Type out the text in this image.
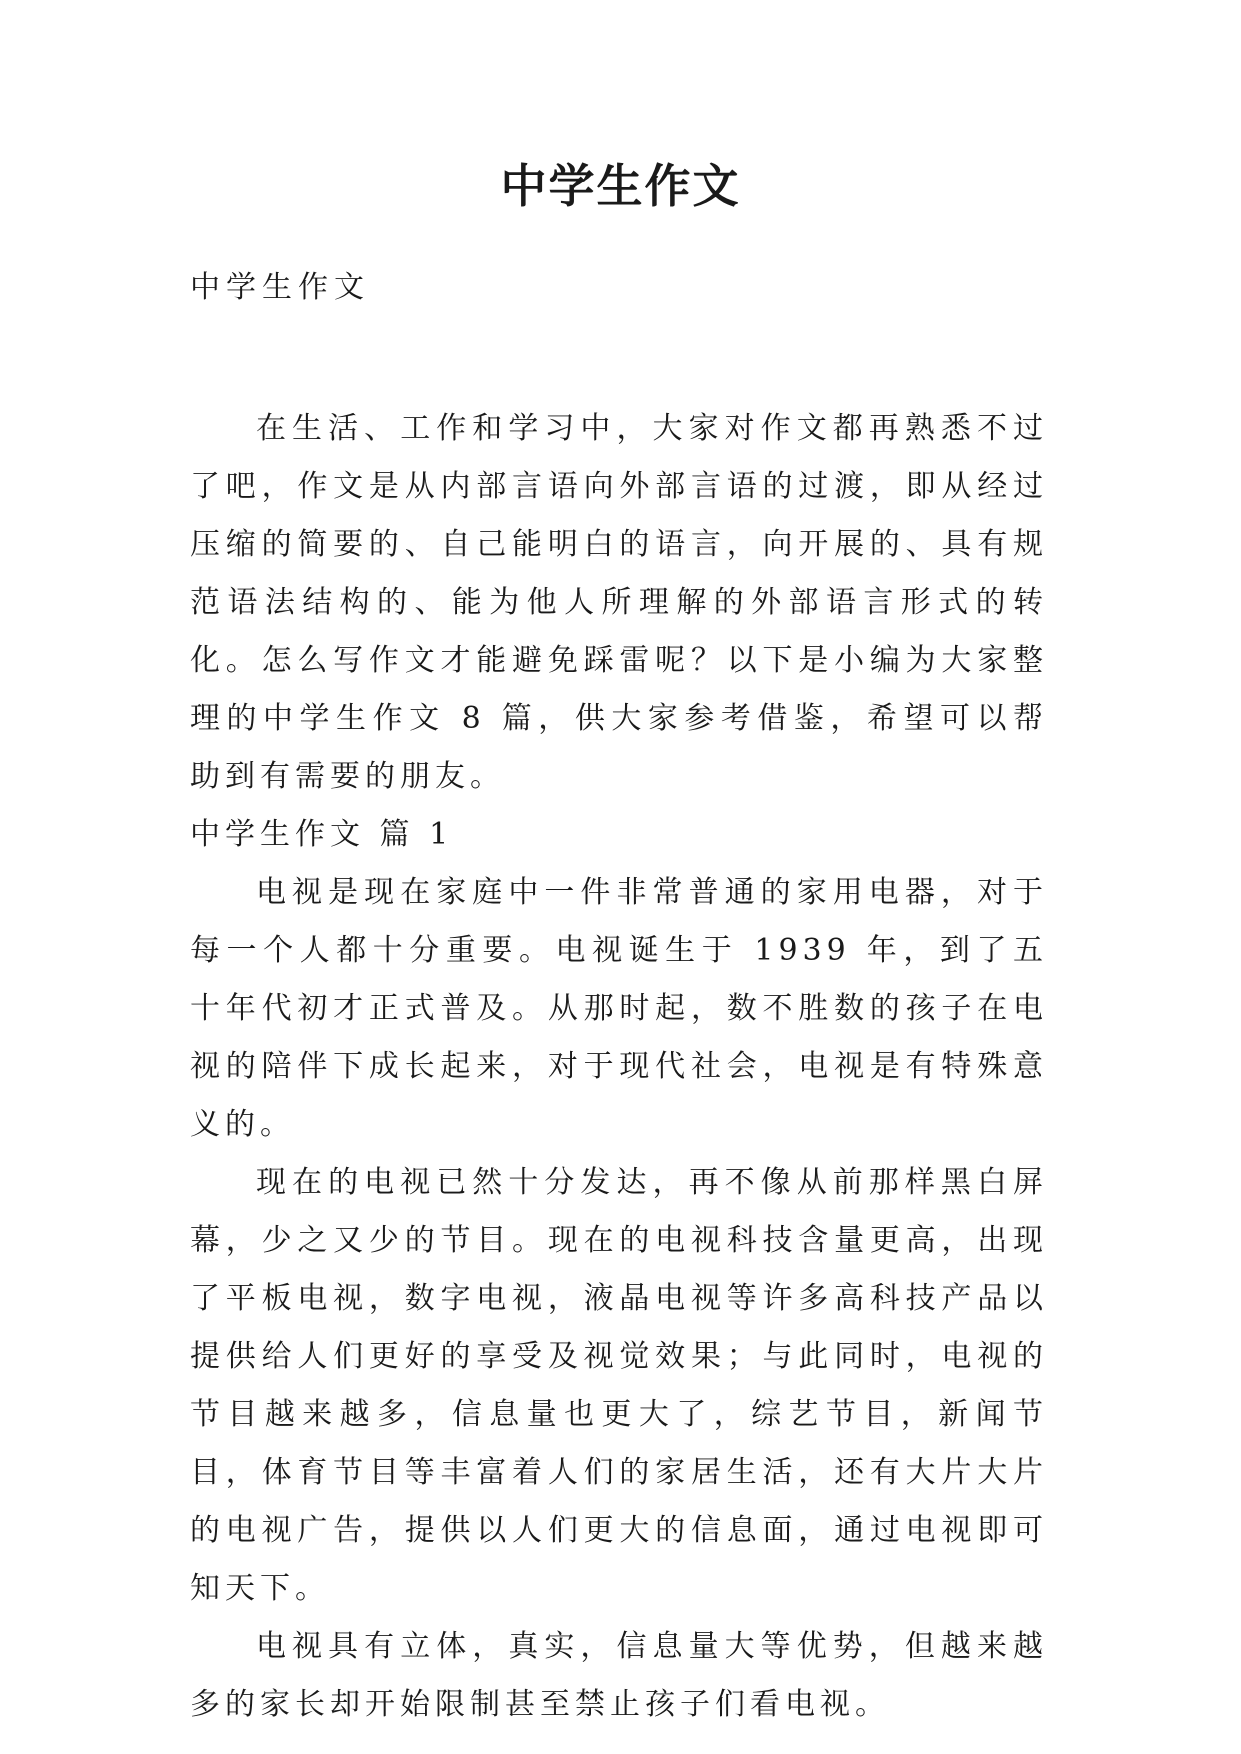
中学生作文

中学生作文

在生活、工作和学习中，大家对作文都再熟悉不过了吧，作文是从内部言语向外部言语的过渡，即从经过压缩的简要的、自己能明白的语言，向开展的、具有规范语法结构的、能为他人所理解的外部语言形式的转化。怎么写作文才能避免踩雷呢？以下是小编为大家整理的中学生作文 8 篇，供大家参考借鉴，希望可以帮助到有需要的朋友。

中学生作文 篇 1

电视是现在家庭中一件非常普通的家用电器，对于每一个人都十分重要。电视诞生于 1939 年，到了五十年代初才正式普及。从那时起，数不胜数的孩子在电视的陪伴下成长起来，对于现代社会，电视是有特殊意义的。

现在的电视已然十分发达，再不像从前那样黑白屏幕，少之又少的节目。现在的电视科技含量更高，出现了平板电视，数字电视，液晶电视等许多高科技产品以提供给人们更好的享受及视觉效果；与此同时，电视的节目越来越多，信息量也更大了，综艺节目，新闻节目，体育节目等丰富着人们的家居生活，还有大片大片的电视广告，提供以人们更大的信息面，通过电视即可知天下。

电视具有立体，真实，信息量大等优势，但越来越多的家长却开始限制甚至禁止孩子们看电视。
